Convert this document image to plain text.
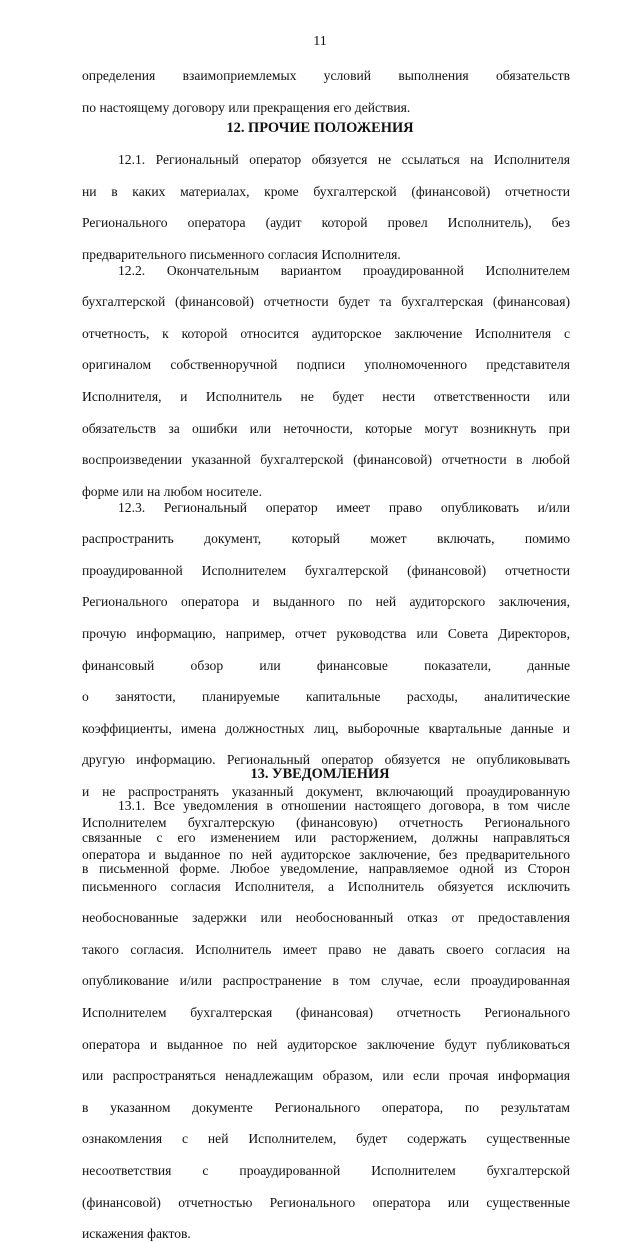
11

определения взаимоприемлемых условий выполнения обязательств

по настоящему договору или прекращения его действия.

12. ПРОЧИЕ ПОЛОЖЕНИЯ

12.1. Региональный оператор обязуется не ссылаться на Исполнителя

ни в каких материалах, кроме бухгалтерской (финансовой) отчетности

Регионального оператора (аудит которой провел Исполнитель), без

предварительного письменного согласия Исполнителя.

12.2. Окончательным вариантом проаудированной Исполнителем

бухгалтерской (финансовой) отчетности будет та бухгалтерская (финансовая)

отчетность, к которой относится аудиторское заключение Исполнителя с

оригиналом собственноручной подписи уполномоченного представителя

Исполнителя, и Исполнитель не будет нести ответственности или

обязательств за ошибки или неточности, которые могут возникнуть при

воспроизведении указанной бухгалтерской (финансовой) отчетности в любой

форме или на любом носителе.

12.3. Региональный оператор имеет право опубликовать и/или

распространить документ, который может включать, помимо

проаудированной Исполнителем бухгалтерской (финансовой) отчетности

Регионального оператора и выданного по ней аудиторского заключения,

прочую информацию, например, отчет руководства или Совета Директоров,

финансовый обзор или финансовые показатели, данные

о занятости, планируемые капитальные расходы, аналитические

коэффициенты, имена должностных лиц, выборочные квартальные данные и

другую информацию. Региональный оператор обязуется не опубликовывать

и не распространять указанный документ, включающий проаудированную

Исполнителем бухгалтерскую (финансовую) отчетность Регионального

оператора и выданное по ней аудиторское заключение, без предварительного

письменного согласия Исполнителя, а Исполнитель обязуется исключить

необоснованные задержки или необоснованный отказ от предоставления

такого согласия. Исполнитель имеет право не давать своего согласия на

опубликование и/или распространение в том случае, если проаудированная

Исполнителем бухгалтерская (финансовая) отчетность Регионального

оператора и выданное по ней аудиторское заключение будут публиковаться

или распространяться ненадлежащим образом, или если прочая информация

в указанном документе Регионального оператора, по результатам

ознакомления с ней Исполнителем, будет содержать существенные

несоответствия с проаудированной Исполнителем бухгалтерской

(финансовой) отчетностью Регионального оператора или существенные

искажения фактов.

13. УВЕДОМЛЕНИЯ

13.1. Все уведомления в отношении настоящего договора, в том числе

связанные с его изменением или расторжением, должны направляться

в письменной форме. Любое уведомление, направляемое одной из Сторон
